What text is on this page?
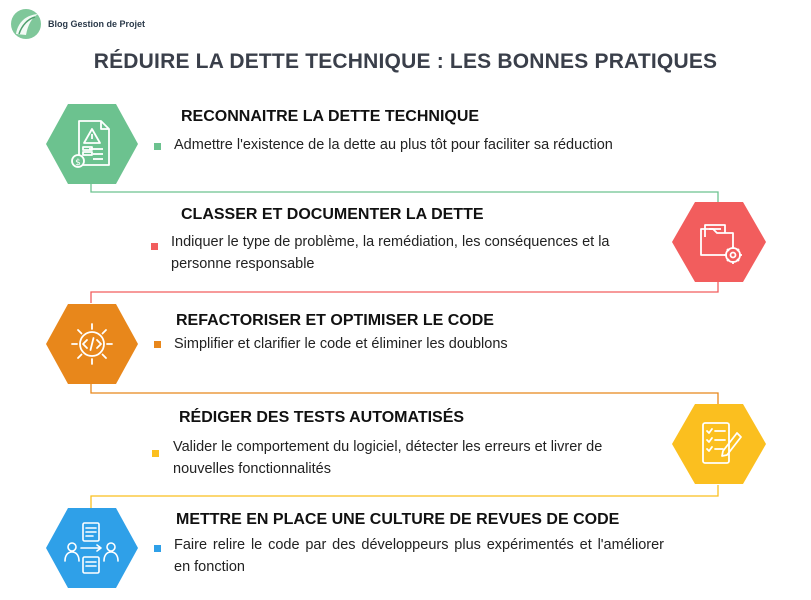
Blog Gestion de Projet
RÉDUIRE LA DETTE TECHNIQUE : LES BONNES PRATIQUES
$
RECONNAITRE LA DETTE TECHNIQUE
Admettre l'existence de la dette au plus tôt pour faciliter sa réduction
CLASSER ET DOCUMENTER LA DETTE
Indiquer le type de problème, la remédiation, les conséquences et la personne responsable
REFACTORISER ET OPTIMISER LE CODE
Simplifier et clarifier le code et éliminer les doublons
RÉDIGER DES TESTS AUTOMATISÉS
Valider le comportement du logiciel, détecter les erreurs et livrer de nouvelles fonctionnalités
METTRE EN PLACE UNE CULTURE DE REVUES DE CODE
Faire relire le code par des développeurs plus expérimentés et l'améliorer en fonction
